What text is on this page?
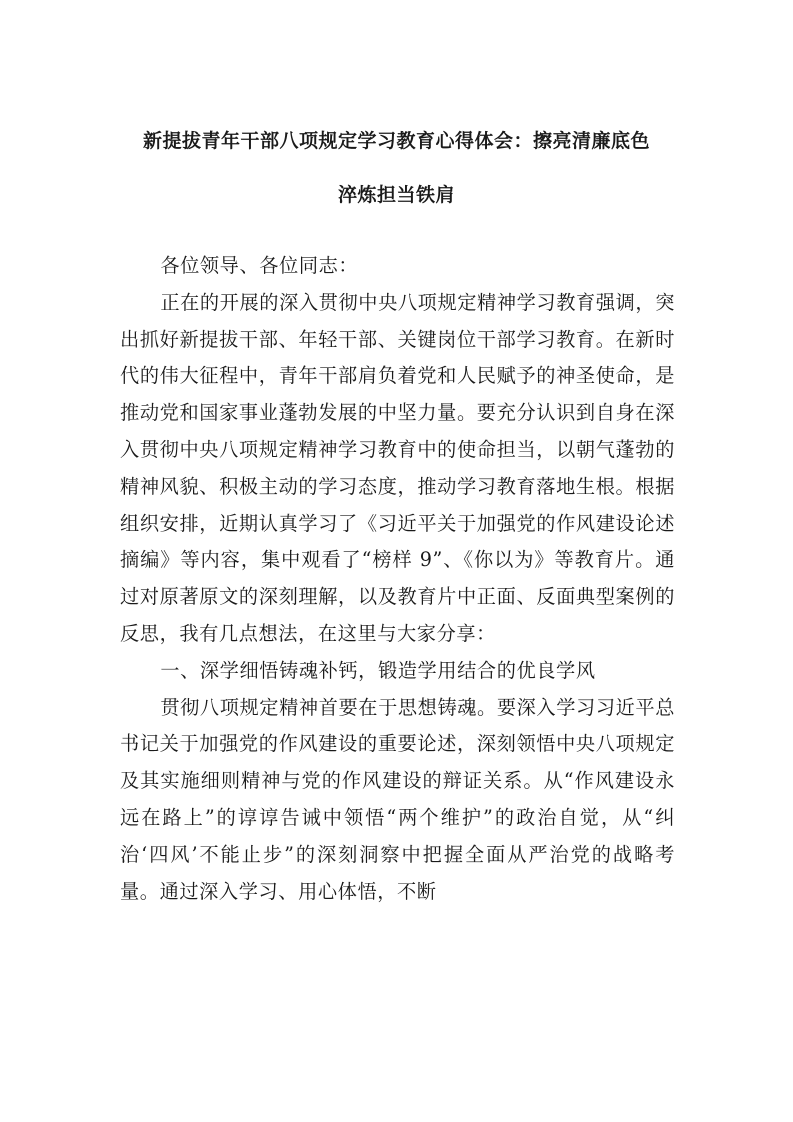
新提拔青年干部八项规定学习教育心得体会：擦亮清廉底色
淬炼担当铁肩

各位领导、各位同志：

正在的开展的深入贯彻中央八项规定精神学习教育强调，突出抓好新提拔干部、年轻干部、关键岗位干部学习教育。在新时代的伟大征程中，青年干部肩负着党和人民赋予的神圣使命，是推动党和国家事业蓬勃发展的中坚力量。要充分认识到自身在深入贯彻中央八项规定精神学习教育中的使命担当，以朝气蓬勃的精神风貌、积极主动的学习态度，推动学习教育落地生根。根据组织安排，近期认真学习了《习近平关于加强党的作风建设论述摘编》等内容，集中观看了“榜样 9”、《你以为》等教育片。通过对原著原文的深刻理解，以及教育片中正面、反面典型案例的反思，我有几点想法，在这里与大家分享：

一、深学细悟铸魂补钙，锻造学用结合的优良学风

贯彻八项规定精神首要在于思想铸魂。要深入学习习近平总书记关于加强党的作风建设的重要论述，深刻领悟中央八项规定及其实施细则精神与党的作风建设的辩证关系。从“作风建设永远在路上”的谆谆告诫中领悟“两个维护”的政治自觉，从“纠治‘四风’不能止步”的深刻洞察中把握全面从严治党的战略考量。通过深入学习、用心体悟，不断
